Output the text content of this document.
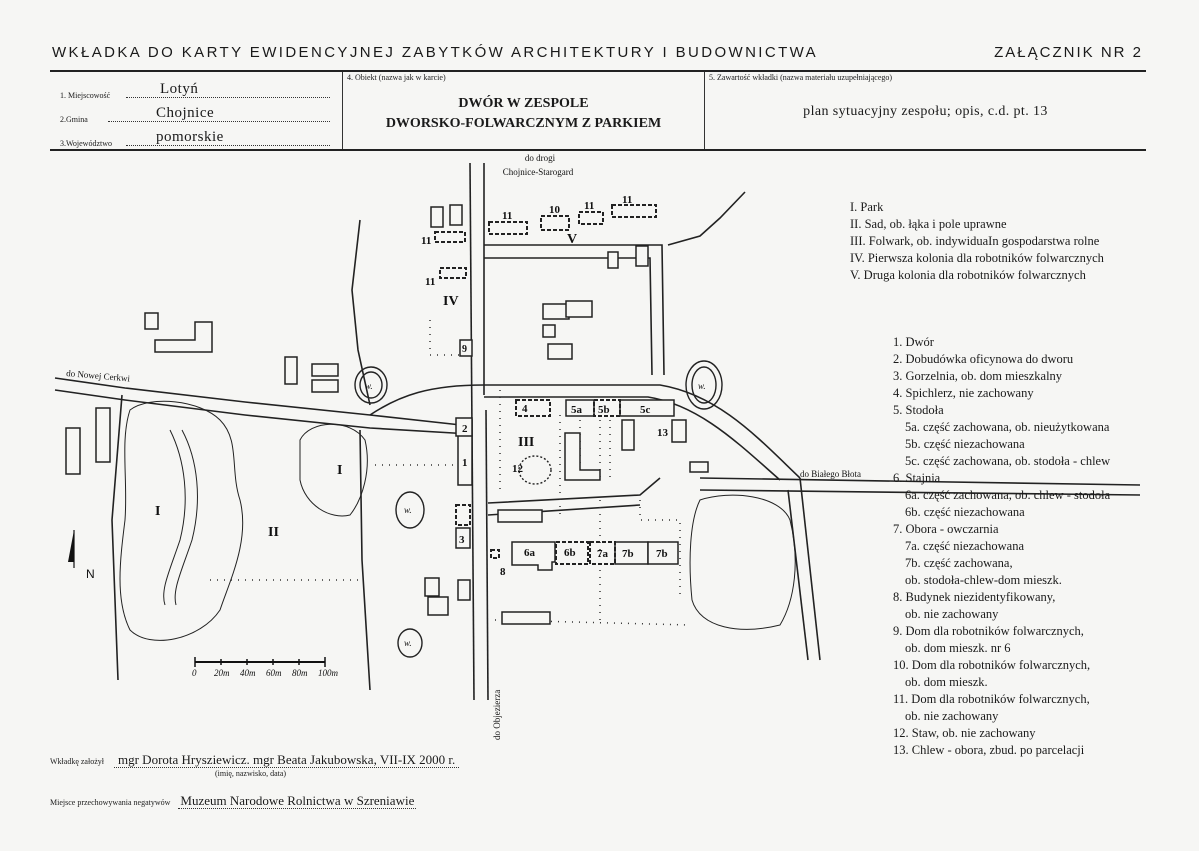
WKŁADKA DO KARTY EWIDENCYJNEJ ZABYTKÓW ARCHITEKTURY I BUDOWNICTWA	ZAŁĄCZNIK NR 2
1. Miejscowość	Lotyń
2.Gmina	Chojnice
3.Województwo	pomorskie
4. Obiekt (nazwa jak w karcie)
DWÓR W ZESPOLE
DWORSKO-FOLWARCZNYM Z PARKIEM
5. Zawartość wkładki (nazwa materiału uzupełniającego)
plan sytuacyjny zespołu; opis, c.d. pt. 13
do drogi
Chojnice-Starogard
do Nowej Cerkwi
do Białego Błota
do Objezierza
N
I
I
II
III
IV
V
1
2
3
4	5a 5b	5c
6a	6b 7a 7b 7b
8
9
10
11
11	11
11
11
12
13
w.	w.
w.
w.
0 20m 40m 60m 80m 100m
I. Park
II. Sad, ob. łąka i pole uprawne
III. Folwark, ob. indywiduaIn gospodarstwa rolne
IV. Pierwsza kolonia dla robotników folwarcznych
V. Druga kolonia dla robotników folwarcznych
1. Dwór
2. Dobudówka oficynowa do dworu
3. Gorzelnia, ob. dom mieszkalny
4. Spichlerz, nie zachowany
5. Stodoła
5a. część zachowana, ob. nieużytkowana
5b. część niezachowana
5c. część zachowana, ob. stodoła - chlew
6. Stajnia
6a. część zachowana, ob. chlew - stodoła
6b. część niezachowana
7. Obora - owczarnia
7a. część niezachowana
7b. część zachowana,
ob. stodoła-chlew-dom mieszk.
8. Budynek niezidentyfikowany,
ob. nie zachowany
9. Dom dla robotników folwarcznych,
ob. dom mieszk. nr 6
10. Dom dla robotników folwarcznych,
ob. dom mieszk.
11. Dom dla robotników folwarcznych,
ob. nie zachowany
12. Staw, ob. nie zachowany
13. Chlew - obora, zbud. po parcelacji
Wkładkę założył mgr Dorota Hrysziewicz. mgr Beata Jakubowska, VII-IX 2000 r.
(imię, nazwisko, data)
Miejsce przechowywania negatywów Muzeum Narodowe Rolnictwa w Szreniawie
